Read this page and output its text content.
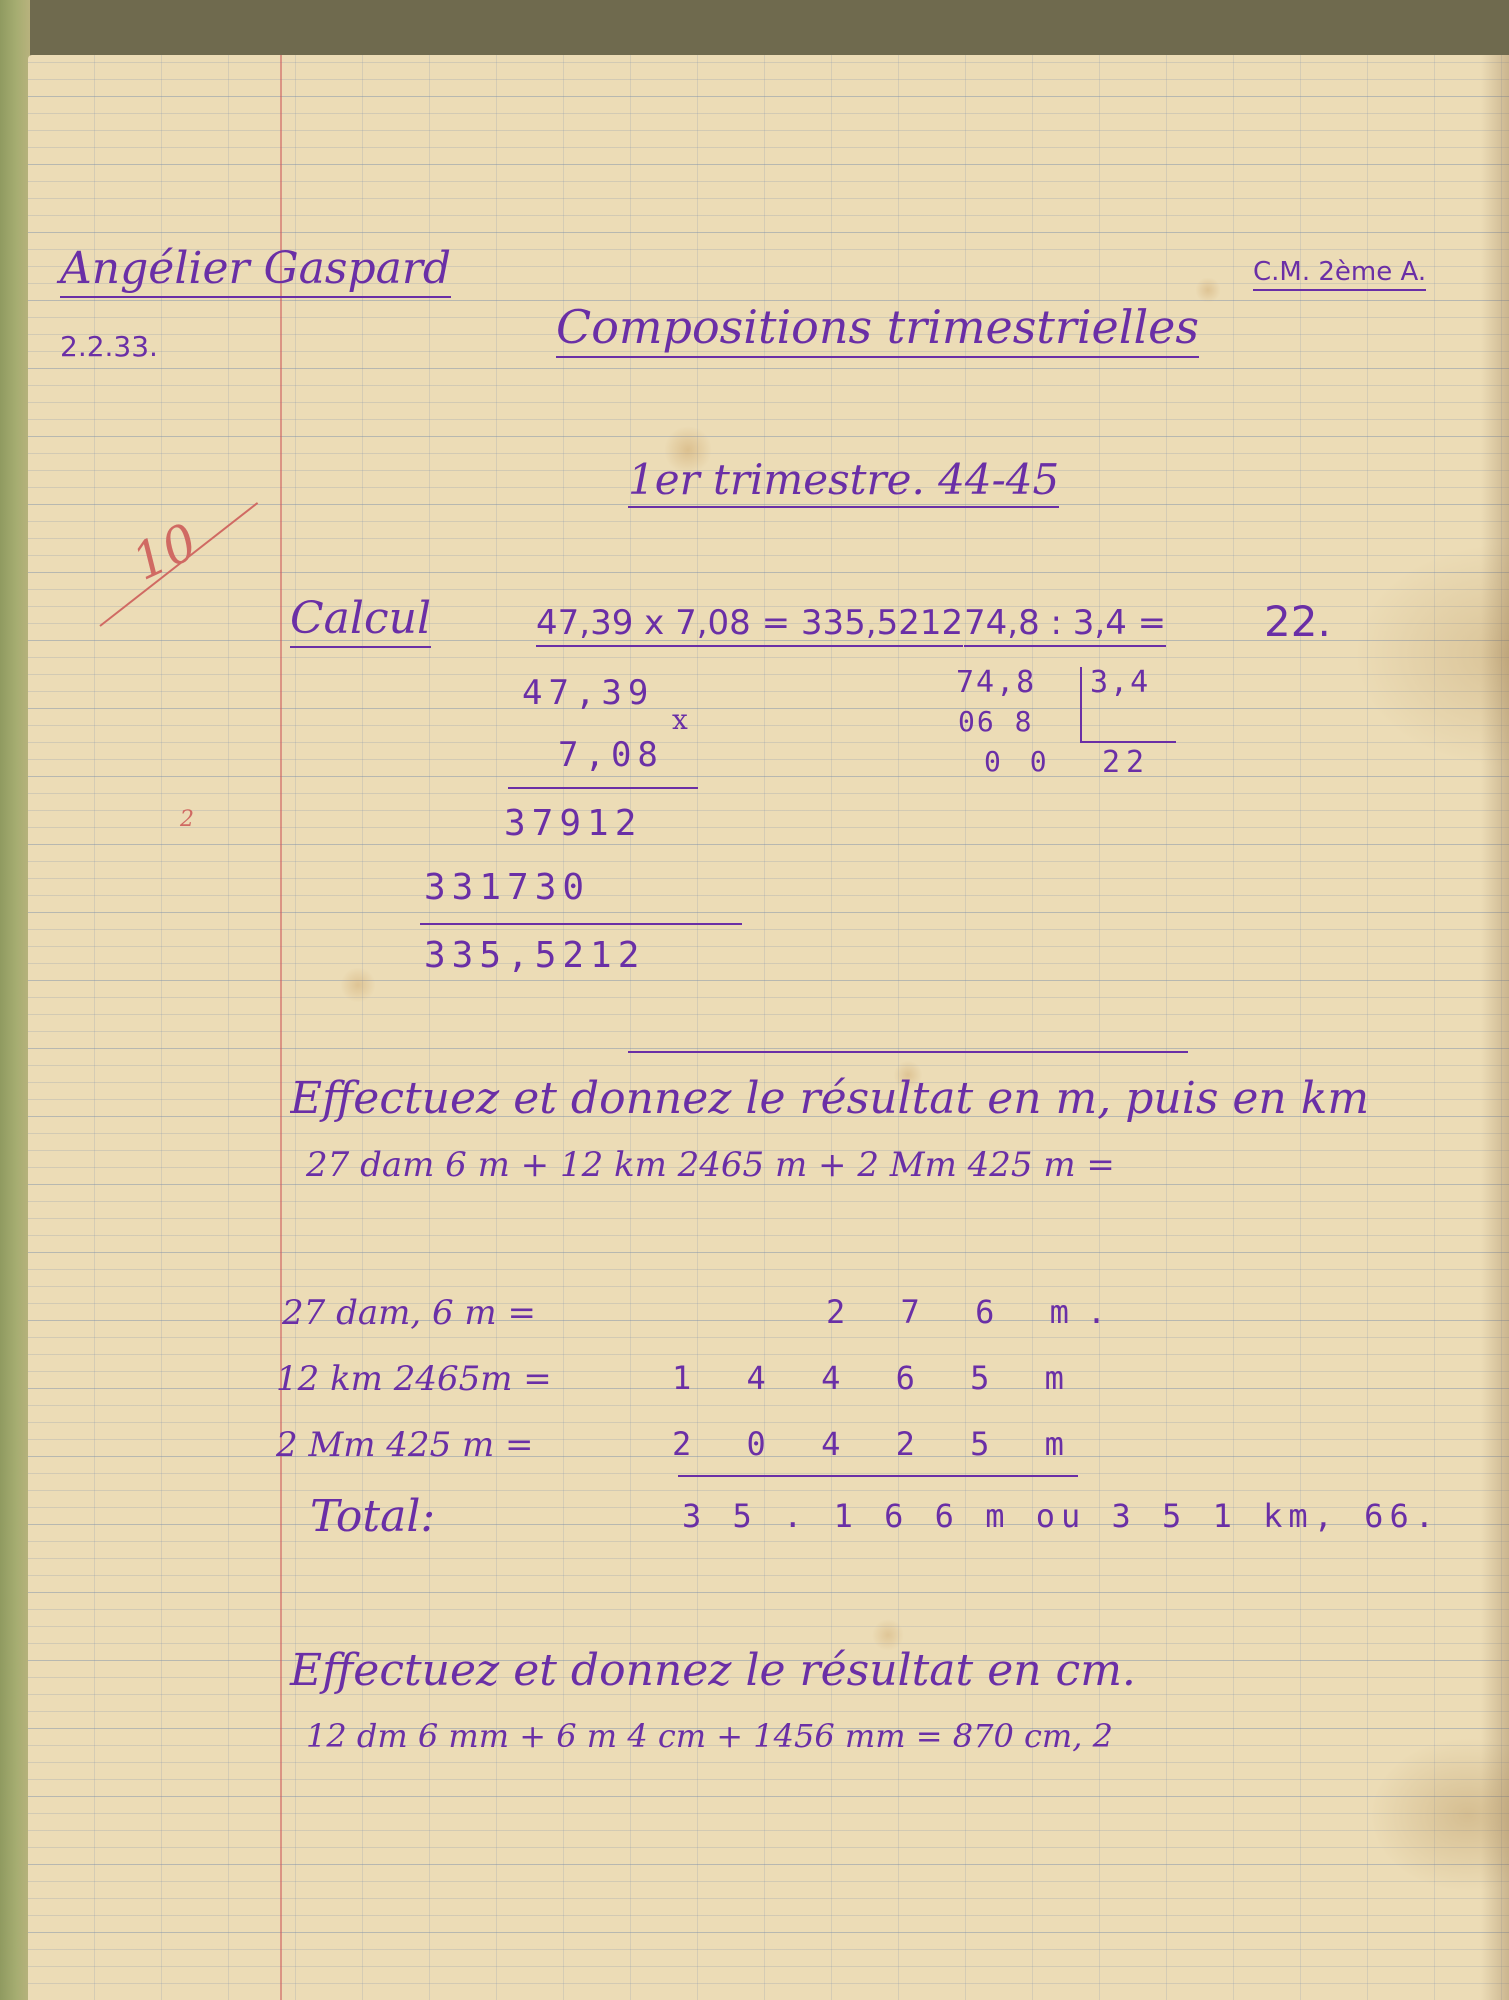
Angélier Gaspard
2.2.33.
C.M. 2ème A.
Compositions trimestrielles
1er trimestre. 44-45
10
2
Calcul	47,39 x 7,08 = 335,5212 74,8 : 3,4 = 22.
47,39
x
7,08
37912
331730
335,5212
74,8 3,4
06 8
0 0 22
Effectuez et donnez le résultat en m, puis en km
27 dam 6 m + 12 km 2465 m + 2 Mm 425 m =
27 dam, 6 m =	2 7 6 m.
12 km 2465m =	1 4 4 6 5 m
2 Mm 425 m =	2 0 4 2 5 m
Total:	3 5 . 1 6 6 m ou 3 5 1 km, 66.
Effectuez et donnez le résultat en cm.
12 dm 6 mm + 6 m 4 cm + 1456 mm = 870 cm, 2
